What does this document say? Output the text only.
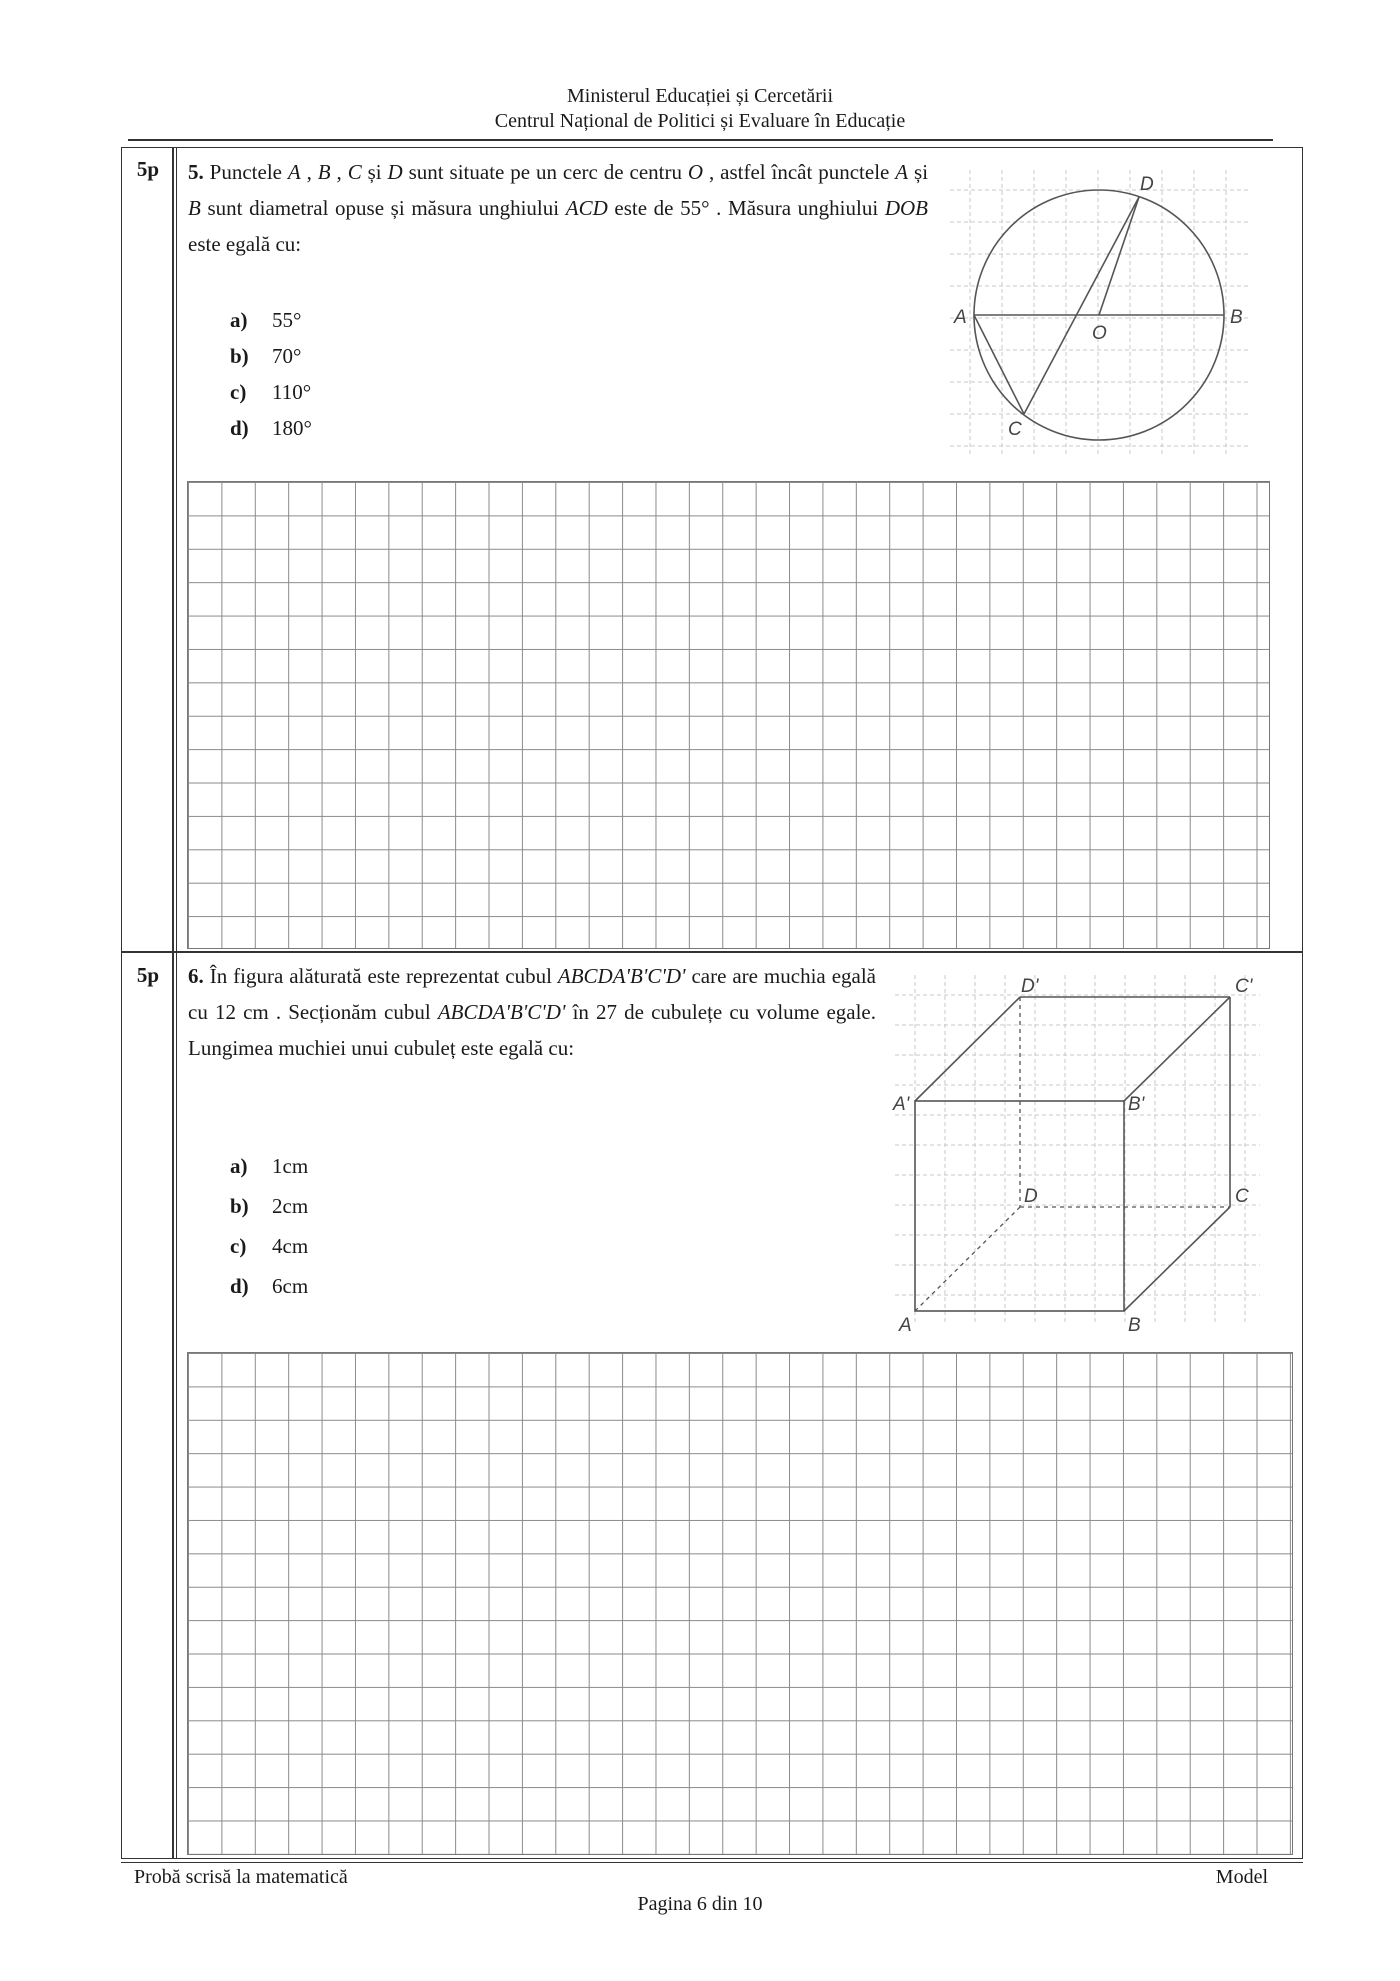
Ministerul Educației și Cercetării
Centrul Național de Politici și Evaluare în Educație
5p	5. Punctele A , B , C și D sunt situate pe un cerc de centru O , astfel încât punctele A și B sunt diametral opuse și măsura unghiului ACD este de 55° . Măsura unghiului DOB este egală cu:
a)	55°
b)	70°
c)	110°
d)	180°
D
A	B
O
C
5p	6. În figura alăturată este reprezentat cubul ABCDA'B'C'D' care are muchia egală cu 12 cm . Secționăm cubul ABCDA'B'C'D' în 27 de cubulețe cu volume egale. Lungimea muchiei unui cubuleț este egală cu:
a)	1cm
b)	2cm
c)	4cm
d)	6cm
D'	C'
A'	B'
D	C
A	B
Probă scrisă la matematică	Model
Pagina 6 din 10
